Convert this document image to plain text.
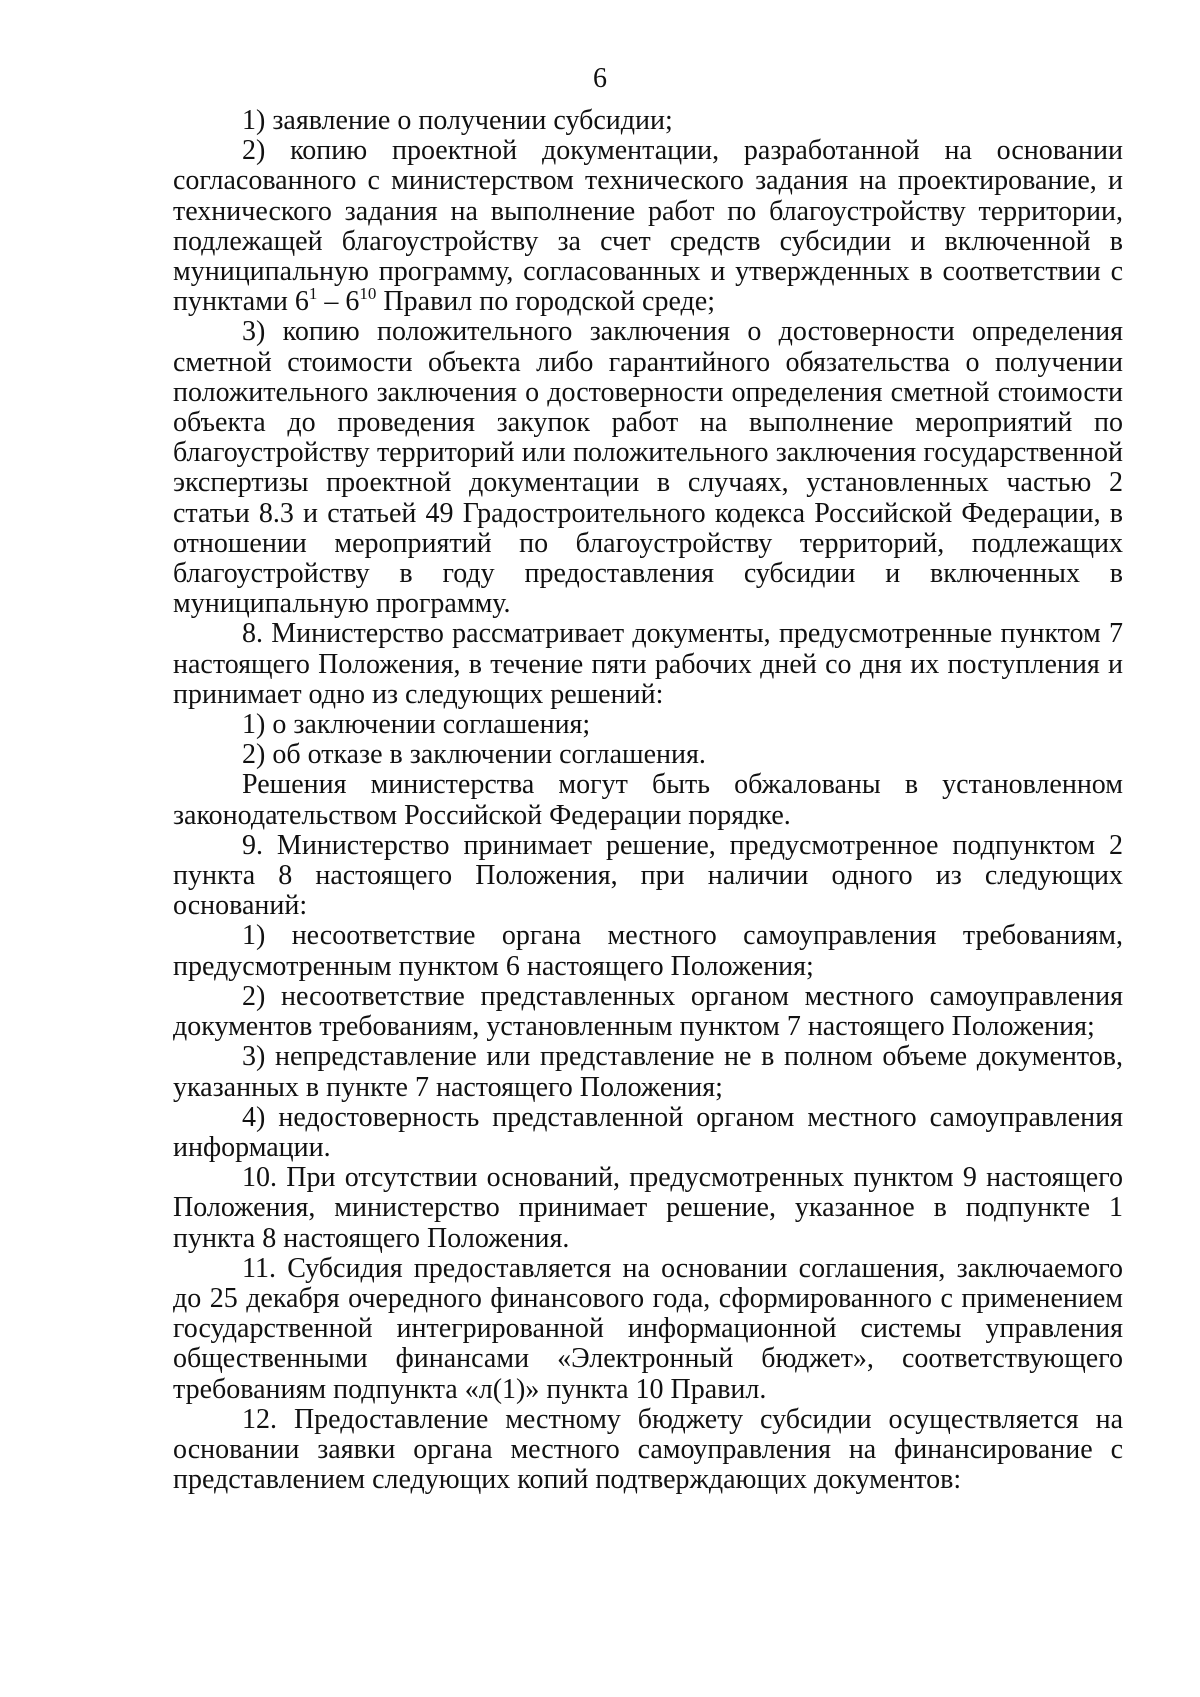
6

1) заявление о получении субсидии;

2) копию проектной документации, разработанной на основании согласованного с министерством технического задания на проектирование, и технического задания на выполнение работ по благоустройству территории, подлежащей благоустройству за счет средств субсидии и включенной в муниципальную программу, согласованных и утвержденных в соответствии с пунктами $6^1 - 6^{10}$ Правил по городской среде;

3) копию положительного заключения о достоверности определения сметной стоимости объекта либо гарантийного обязательства о получении положительного заключения о достоверности определения сметной стоимости объекта до проведения закупок работ на выполнение мероприятий по благоустройству территорий или положительного заключения государственной экспертизы проектной документации в случаях, установленных частью 2 статьи 8.3 и статьей 49 Градостроительного кодекса Российской Федерации, в отношении мероприятий по благоустройству территорий, подлежащих благоустройству в году предоставления субсидии и включенных в муниципальную программу.

8. Министерство рассматривает документы, предусмотренные пунктом 7 настоящего Положения, в течение пяти рабочих дней со дня их поступления и принимает одно из следующих решений:

1) о заключении соглашения;

2) об отказе в заключении соглашения.

Решения министерства могут быть обжалованы в установленном законодательством Российской Федерации порядке.

9. Министерство принимает решение, предусмотренное подпунктом 2 пункта 8 настоящего Положения, при наличии одного из следующих оснований:

1) несоответствие органа местного самоуправления требованиям, предусмотренным пунктом 6 настоящего Положения;

2) несоответствие представленных органом местного самоуправления документов требованиям, установленным пунктом 7 настоящего Положения;

3) непредставление или представление не в полном объеме документов, указанных в пункте 7 настоящего Положения;

4) недостоверность представленной органом местного самоуправления информации.

10. При отсутствии оснований, предусмотренных пунктом 9 настоящего Положения, министерство принимает решение, указанное в подпункте 1 пункта 8 настоящего Положения.

11. Субсидия предоставляется на основании соглашения, заключаемого до 25 декабря очередного финансового года, сформированного с применением государственной интегрированной информационной системы управления общественными финансами «Электронный бюджет», соответствующего требованиям подпункта «л(1)» пункта 10 Правил.

12. Предоставление местному бюджету субсидии осуществляется на основании заявки органа местного самоуправления на финансирование с представлением следующих копий подтверждающих документов:
